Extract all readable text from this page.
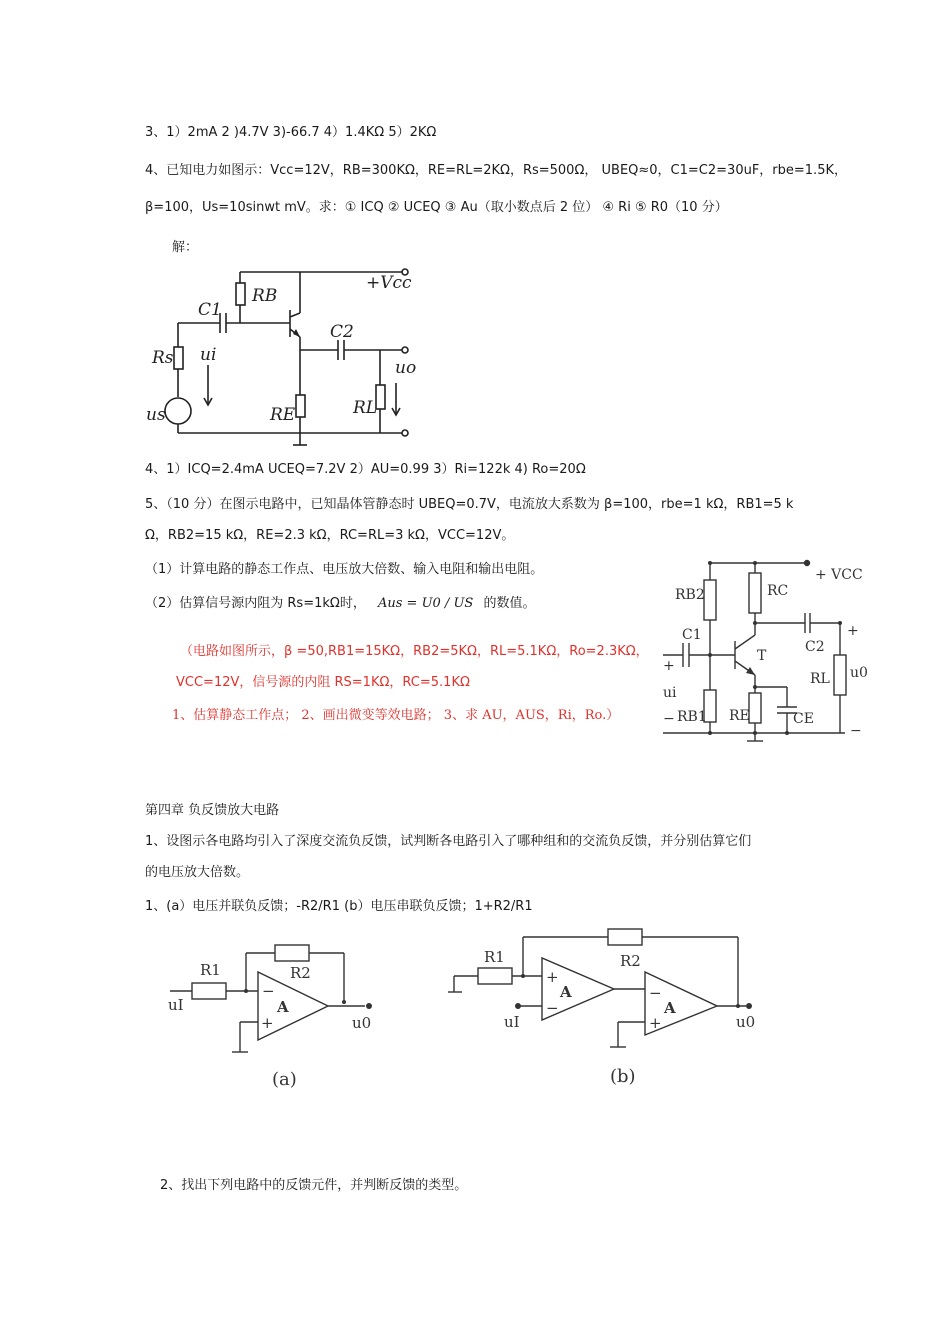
3、1）2mA 2 )4.7V 3)-66.7 4）1.4KΩ 5）2KΩ
4、已知电力如图示：Vcc=12V，RB=300KΩ，RE=RL=2KΩ，Rs=500Ω， UBEQ≈0，C1=C2=30uF，rbe=1.5K，
β=100，Us=10sinwt mV。求：① ICQ ② UCEQ ③ Au（取小数点后 2 位） ④ Ri ⑤ R0（10 分）
解：
4、1）ICQ=2.4mA UCEQ=7.2V 2）AU=0.99 3）Ri=122k 4) Ro=20Ω
5、（10 分）在图示电路中，已知晶体管静态时 UBEQ=0.7V，电流放大系数为 β=100，rbe=1 kΩ，RB1=5 k
Ω，RB2=15 kΩ，RE=2.3 kΩ，RC=RL=3 kΩ，VCC=12V。
（1）计算电路的静态工作点、电压放大倍数、输入电阻和输出电阻。
（2）估算信号源内阻为 Rs=1kΩ时， Aus = U0 / US 的数值。
（电路如图所示，β =50,RB1=15KΩ，RB2=5KΩ，RL=5.1KΩ，Ro=2.3KΩ，
VCC=12V，信号源的内阻 RS=1KΩ，RC=5.1KΩ
1、估算静态工作点； 2、画出微变等效电路； 3、求 AU，AUS，Ri，Ro.）
第四章 负反馈放大电路
1、设图示各电路均引入了深度交流负反馈，试判断各电路引入了哪种组和的交流负反馈，并分别估算它们
的电压放大倍数。
1、(a）电压并联负反馈；-R2/R1 (b）电压串联负反馈；1+R2/R1
2、找出下列电路中的反馈元件，并判断反馈的类型。
RB
+Vcc
C1
C2
Rs ui
uo
us	RE	RL
+ VCC
RB2	RC
C1
C2
T
+
ui
− RB1 RE	CE
RL u0
+
−
R1	R2
uI
−
+
A
u0
(a)
R1	R2
uI
+
−
A	−
+
A
u0
(b)
